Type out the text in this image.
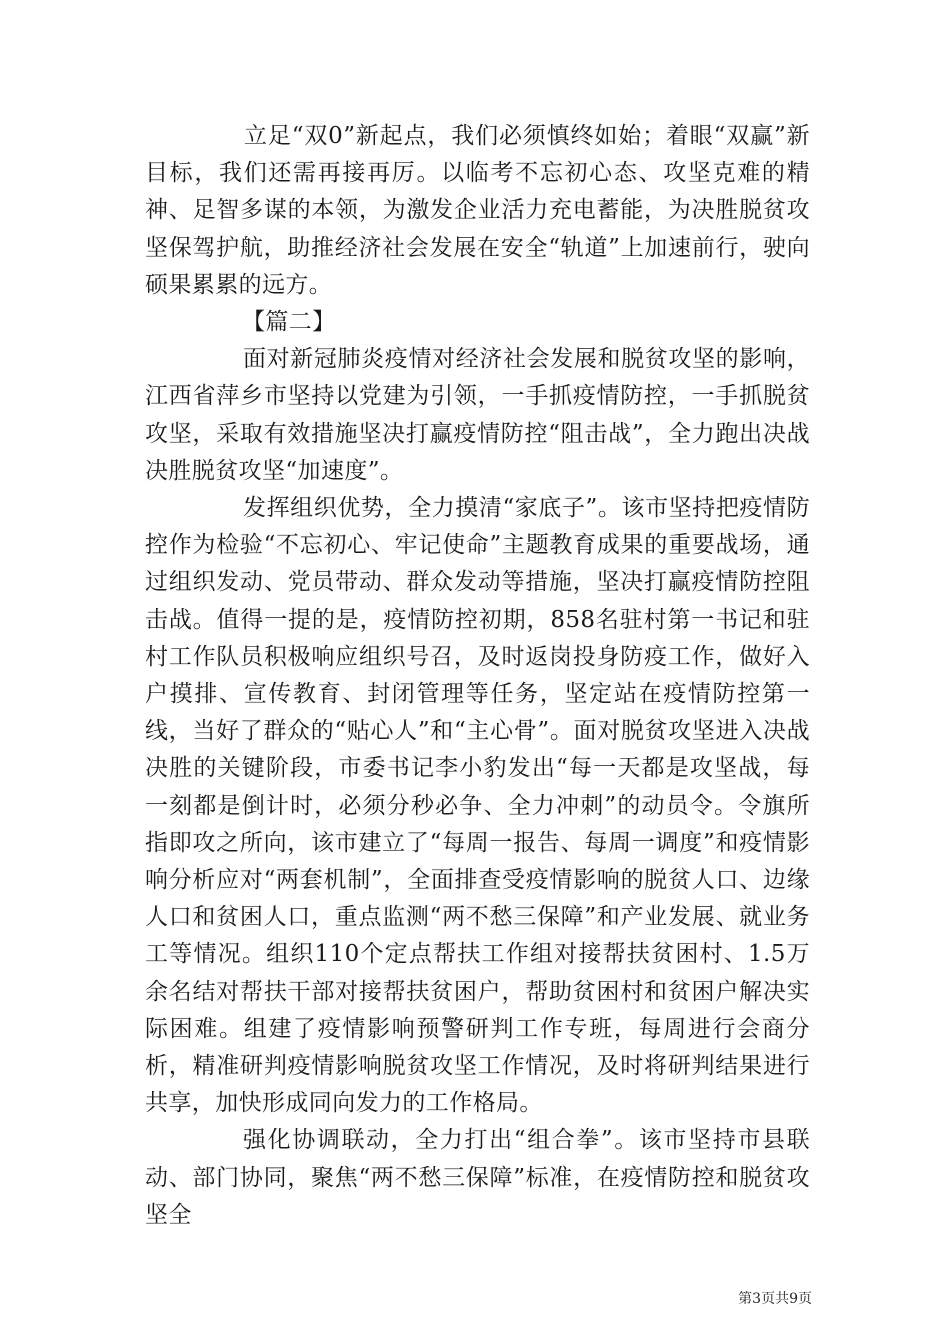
立足“双0”新起点，我们必须慎终如始；着眼“双赢”新目标，我们还需再接再厉。以临考不忘初心态、攻坚克难的精神、足智多谋的本领，为激发企业活力充电蓄能，为决胜脱贫攻坚保驾护航，助推经济社会发展在安全“轨道”上加速前行，驶向硕果累累的远方。

【篇二】

面对新冠肺炎疫情对经济社会发展和脱贫攻坚的影响，江西省萍乡市坚持以党建为引领，一手抓疫情防控，一手抓脱贫攻坚，采取有效措施坚决打赢疫情防控“阻击战”，全力跑出决战决胜脱贫攻坚“加速度”。

发挥组织优势，全力摸清“家底子”。该市坚持把疫情防控作为检验“不忘初心、牢记使命”主题教育成果的重要战场，通过组织发动、党员带动、群众发动等措施，坚决打赢疫情防控阻击战。值得一提的是，疫情防控初期，858名驻村第一书记和驻村工作队员积极响应组织号召，及时返岗投身防疫工作，做好入户摸排、宣传教育、封闭管理等任务，坚定站在疫情防控第一线，当好了群众的“贴心人”和“主心骨”。面对脱贫攻坚进入决战决胜的关键阶段，市委书记李小豹发出“每一天都是攻坚战，每一刻都是倒计时，必须分秒必争、全力冲刺”的动员令。令旗所指即攻之所向，该市建立了“每周一报告、每周一调度”和疫情影响分析应对“两套机制”，全面排查受疫情影响的脱贫人口、边缘人口和贫困人口，重点监测“两不愁三保障”和产业发展、就业务工等情况。组织110个定点帮扶工作组对接帮扶贫困村、1.5万余名结对帮扶干部对接帮扶贫困户，帮助贫困村和贫困户解决实际困难。组建了疫情影响预警研判工作专班，每周进行会商分析，精准研判疫情影响脱贫攻坚工作情况，及时将研判结果进行共享，加快形成同向发力的工作格局。

强化协调联动，全力打出“组合拳”。该市坚持市县联动、部门协同，聚焦“两不愁三保障”标准，在疫情防控和脱贫攻坚全

第3页共9页
